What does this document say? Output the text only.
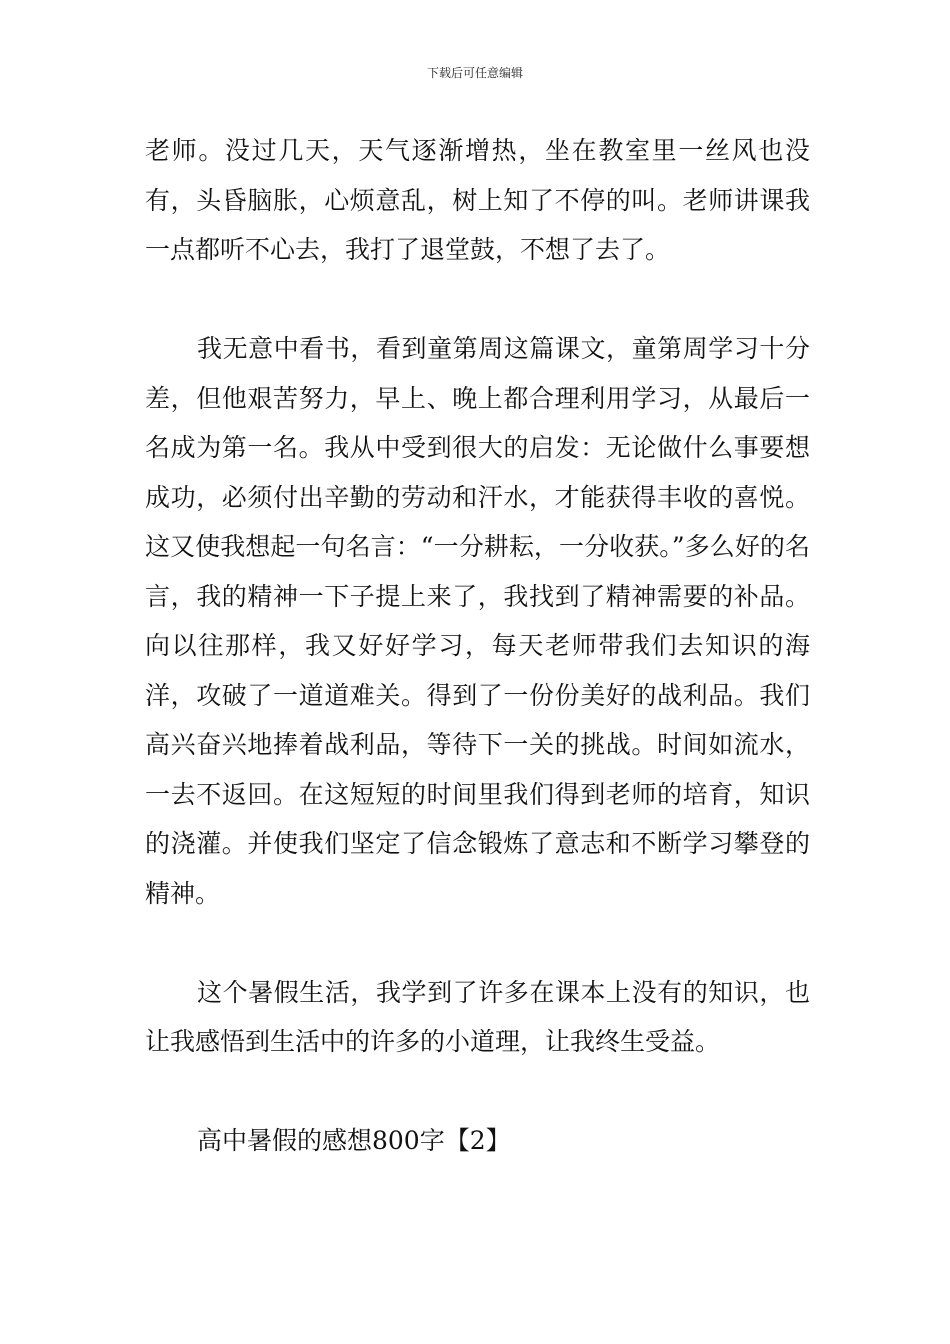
下载后可任意编辑

老师。没过几天，天气逐渐增热，坐在教室里一丝风也没有，头昏脑胀，心烦意乱，树上知了不停的叫。老师讲课我一点都听不心去，我打了退堂鼓，不想了去了。

我无意中看书，看到童第周这篇课文，童第周学习十分差，但他艰苦努力，早上、晚上都合理利用学习，从最后一名成为第一名。我从中受到很大的启发：无论做什么事要想成功，必须付出辛勤的劳动和汗水，才能获得丰收的喜悦。这又使我想起一句名言：“一分耕耘，一分收获。”多么好的名言，我的精神一下子提上来了，我找到了精神需要的补品。向以往那样，我又好好学习，每天老师带我们去知识的海洋，攻破了一道道难关。得到了一份份美好的战利品。我们高兴奋兴地捧着战利品，等待下一关的挑战。时间如流水，一去不返回。在这短短的时间里我们得到老师的培育，知识的浇灌。并使我们坚定了信念锻炼了意志和不断学习攀登的精神。

这个暑假生活，我学到了许多在课本上没有的知识，也让我感悟到生活中的许多的小道理，让我终生受益。

高中暑假的感想800字【2】
